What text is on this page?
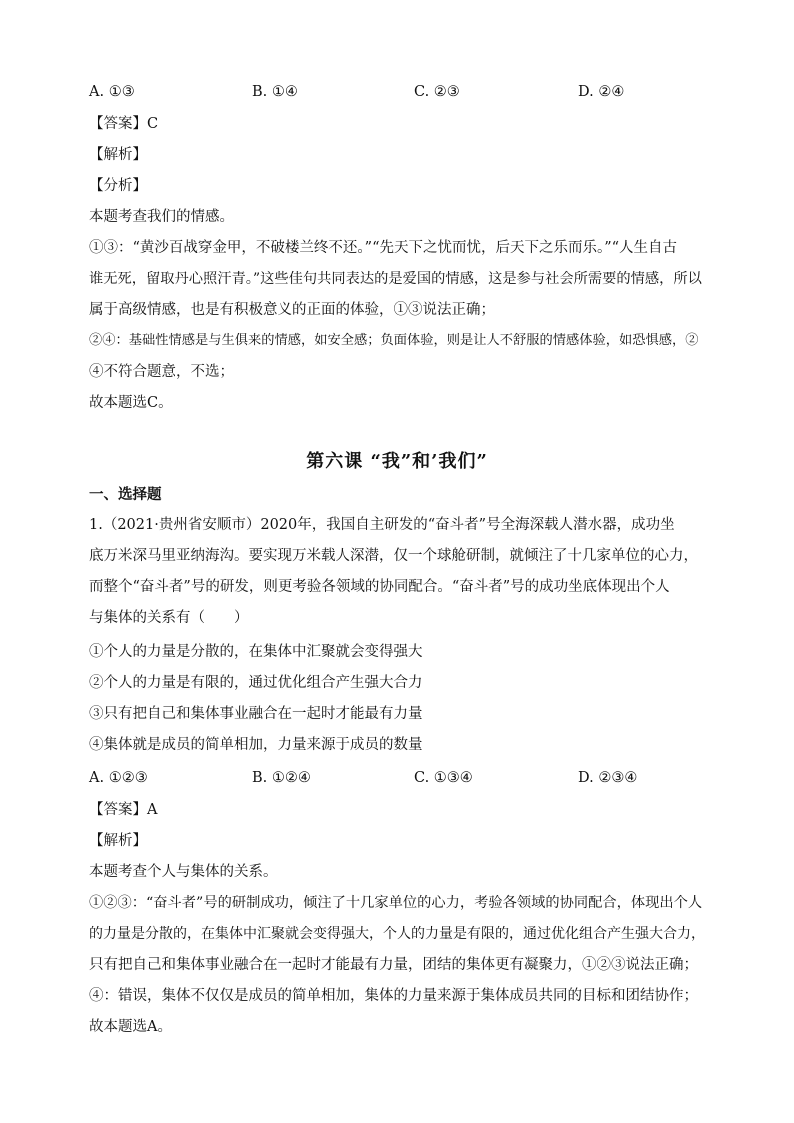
A. ①③	B. ①④	C. ②③	D. ②④
【答案】C
【解析】
【分析】
本题考查我们的情感。
①③：“黄沙百战穿金甲，不破楼兰终不还。”“先天下之忧而忧，后天下之乐而乐。”“人生自古
谁无死，留取丹心照汗青。”这些佳句共同表达的是爱国的情感，这是参与社会所需要的情感，所以
属于高级情感，也是有积极意义的正面的体验，①③说法正确；
②④：基础性情感是与生俱来的情感，如安全感；负面体验，则是让人不舒服的情感体验，如恐惧感，②
④不符合题意，不选；
故本题选C。
第六课 “我”和’我们”
一、选择题
1.（2021·贵州省安顺市）2020年，我国自主研发的“奋斗者”号全海深载人潜水器，成功坐
底万米深马里亚纳海沟。要实现万米载人深潜，仅一个球舱研制，就倾注了十几家单位的心力，
而整个“奋斗者”号的研发，则更考验各领域的协同配合。“奋斗者”号的成功坐底体现出个人
与集体的关系有（　　）
①个人的力量是分散的，在集体中汇聚就会变得强大
②个人的力量是有限的，通过优化组合产生强大合力
③只有把自己和集体事业融合在一起时才能最有力量
④集体就是成员的简单相加，力量来源于成员的数量
A. ①②③	B. ①②④	C. ①③④	D. ②③④
【答案】A
【解析】
本题考查个人与集体的关系。
①②③：“奋斗者”号的研制成功，倾注了十几家单位的心力，考验各领域的协同配合，体现出个人
的力量是分散的，在集体中汇聚就会变得强大，个人的力量是有限的，通过优化组合产生强大合力，
只有把自己和集体事业融合在一起时才能最有力量，团结的集体更有凝聚力，①②③说法正确；
④：错误，集体不仅仅是成员的简单相加，集体的力量来源于集体成员共同的目标和团结协作；
故本题选A。
